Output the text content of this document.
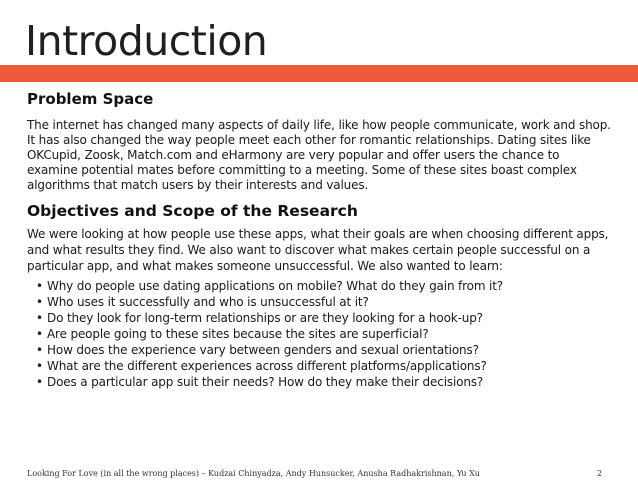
Introduction
Problem Space

The internet has changed many aspects of daily life, like how people communicate, work and shop. It has also changed the way people meet each other for romantic relationships. Dating sites like OKCupid, Zoosk, Match.com and eHarmony are very popular and offer users the chance to examine potential mates before committing to a meeting. Some of these sites boast complex algorithms that match users by their interests and values.

Objectives and Scope of the Research

We were looking at how people use these apps, what their goals are when choosing different apps, and what results they find. We also want to discover what makes certain people successful on a particular app, and what makes someone unsuccessful. We also wanted to learn:

• Why do people use dating applications on mobile? What do they gain from it?
• Who uses it successfully and who is unsuccessful at it?
• Do they look for long-term relationships or are they looking for a hook-up?
• Are people going to these sites because the sites are superficial?
• How does the experience vary between genders and sexual orientations?
• What are the different experiences across different platforms/applications?
• Does a particular app suit their needs? How do they make their decisions?
Looking For Love (in all the wrong places) – Kudzai Chinyadza, Andy Hunsucker, Anusha Radhakrishnan, Yu Xu	2
